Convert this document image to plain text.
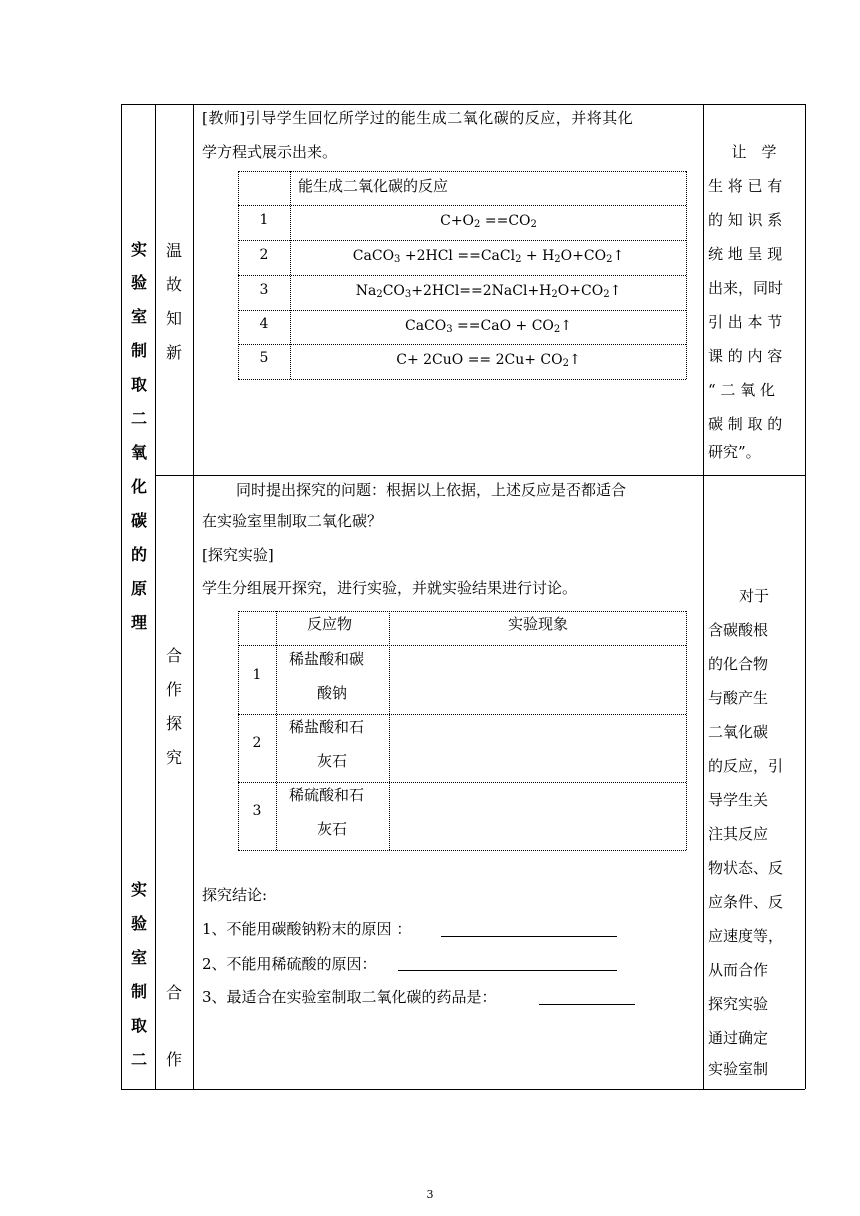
实
验
室
制
取
二
氧
化
碳
的
原
理
实
验
室
制
取
二
温
故
知
新
合
作
探
究
合
作
[教师]引导学生回忆所学过的能生成二氧化碳的反应，并将其化
学方程式展示出来。
能生成二氧化碳的反应
1
2
3
4
5
$C+O_2 ==CO_2$
CaCO$_3$ +2HCl ==CaCl$_2$ + $H_2O+CO_2↑$
$Na_2CO_3+2HCl==2NaCl+H_2O+CO_2↑$
CaCO$_3$ $==CaO + CO_2↑$
$C+ 2CuO == 2Cu+ CO_2↑$
让　学
生 将 已 有
的 知 识 系
统 地 呈 现
出来，同时
引 出 本 节
课 的 内 容
“ 二 氧 化
碳 制 取 的
研究”。
同时提出探究的问题：根据以上依据，上述反应是否都适合
在实验室里制取二氧化碳？
[探究实验]
学生分组展开探究，进行实验，并就实验结果进行讨论。
反应物	实验现象
1
2
3
稀盐酸和碳
酸钠
稀盐酸和石
灰石
稀硫酸和石
灰石
探究结论:
1、不能用碳酸钠粉末的原因 ：
2、不能用稀硫酸的原因：
3、最适合在实验室制取二氧化碳的药品是：
对于
含碳酸根
的化合物
与酸产生
二氧化碳
的反应，引
导学生关
注其反应
物状态、反
应条件、反
应速度等，
从而合作
探究实验
通过确定
实验室制
3
